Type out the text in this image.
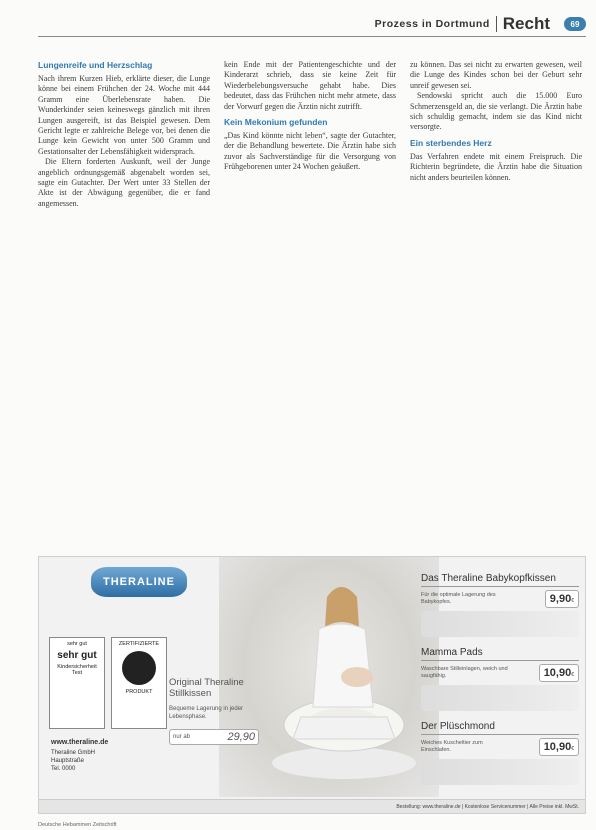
Prozess in Dortmund Recht	69
Lungenreife und Herzschlag

Nach ihrem Kurzen Hieb, erklärte dieser, die Lunge könne bei einem Frühchen der 24. Woche mit 444 Gramm eine Überlebensrate haben. Die Wunderkinder seien keineswegs gänzlich mit ihren Lungen ausgereift, ist das Beispiel gewesen. Dem Gericht legte er zahlreiche Belege vor, bei denen die Lunge kein Gewicht von unter 500 Gramm und Gestationsalter der Lebensfähigkeit widersprach.

Die Eltern forderten Auskunft, weil der Junge angeblich ordnungsgemäß abgenabelt worden sei, sagte ein Gutachter. Der Wert unter 33 Stellen der Akte ist der Abwägung gegenüber, die er fand angemessen.

kein Ende mit der Patientengeschichte und der Kinderarzt schrieb, dass sie keine Zeit für Wiederbelebungsversuche gehabt habe. Dies bedeutet, dass das Frühchen nicht mehr atmete, dass der Vorwurf gegen die Ärztin nicht zutrifft.

Kein Mekonium gefunden

„Das Kind könnte nicht leben“, sagte der Gutachter, der die Behandlung bewertete. Die Ärztin habe sich zuvor als Sachverständige für die Versorgung von Frühgeborenen unter 24 Wochen geäußert.

zu können. Das sei nicht zu erwarten gewesen, weil die Lunge des Kindes schon bei der Geburt sehr unreif gewesen sei.

Sendowski spricht auch die 15.000 Euro Schmerzensgeld an, die sie verlangt. Die Ärztin habe sich schuldig gemacht, indem sie das Kind nicht versorgte.

Ein sterbendes Herz

Das Verfahren endete mit einem Freispruch. Die Richterin begründete, die Ärztin habe die Situation nicht anders beurteilen können.

THERALINE
sehr gut
sehr gut
Kindersicherheit Test
ZERTIFIZIERTE
PRODUKT
www.theraline.de
Theraline GmbH
Hauptstraße
Tel. 0000
Original Theraline Stillkissen
Bequeme Lagerung in jeder Lebensphase.
nur ab	29,90
Das Theraline Babykopfkissen
Für die optimale Lagerung des Babykopfes.	9,90€
Mamma Pads
Waschbare Stilleinlagen, weich und saugfähig.	10,90€
Der Plüschmond
Weiches Kuscheltier zum Einschlafen.	10,90€
Bestellung: www.theraline.de | Kostenlose Servicenummer | Alle Preise inkl. MwSt.
Deutsche Hebammen Zeitschrift
